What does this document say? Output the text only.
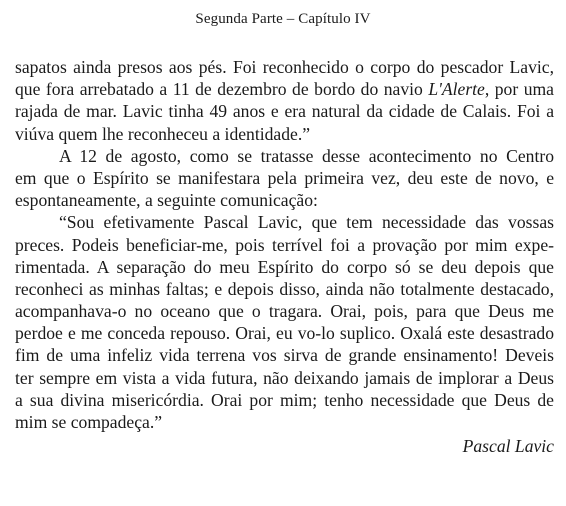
Segunda Parte – Capítulo IV
sapatos ainda presos aos pés. Foi reconhecido o corpo do pescador Lavic,
que fora arrebatado a 11 de dezembro de bordo do navio L'Alerte, por uma
rajada de mar. Lavic tinha 49 anos e era natural da cidade de Calais. Foi a
viúva quem lhe reconheceu a identidade.”
A 12 de agosto, como se tratasse desse acontecimento no Centro
em que o Espírito se manifestara pela primeira vez, deu este de novo, e
espontaneamente, a seguinte comunicação:
“Sou efetivamente Pascal Lavic, que tem necessidade das vossas
preces. Podeis beneficiar-me, pois terrível foi a provação por mim expe-
rimentada. A separação do meu Espírito do corpo só se deu depois que
reconheci as minhas faltas; e depois disso, ainda não totalmente destacado,
acompanhava-o no oceano que o tragara. Orai, pois, para que Deus me
perdoe e me conceda repouso. Orai, eu vo-lo suplico. Oxalá este desastrado
fim de uma infeliz vida terrena vos sirva de grande ensinamento! Deveis
ter sempre em vista a vida futura, não deixando jamais de implorar a Deus
a sua divina misericórdia. Orai por mim; tenho necessidade que Deus de
mim se compadeça.”
Pascal Lavic
